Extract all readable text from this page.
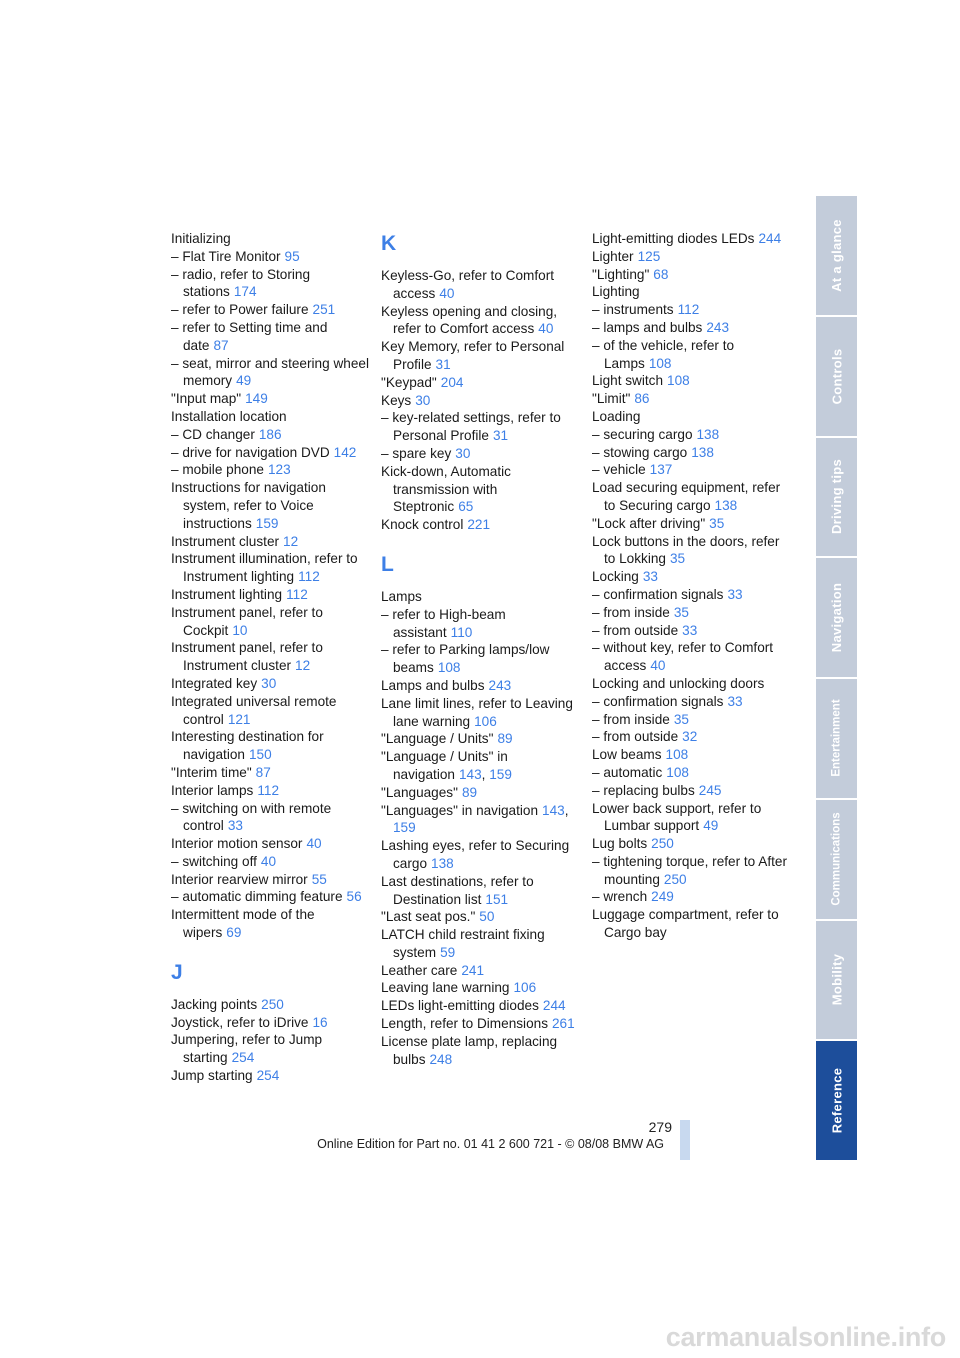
Initializing
– Flat Tire Monitor 95
– radio, refer to Storing stations 174
– refer to Power failure 251
– refer to Setting time and date 87
– seat, mirror and steering wheel memory 49
"Input map" 149
Installation location
– CD changer 186
– drive for navigation DVD 142
– mobile phone 123
Instructions for navigation system, refer to Voice instructions 159
Instrument cluster 12
Instrument illumination, refer to Instrument lighting 112
Instrument lighting 112
Instrument panel, refer to Cockpit 10
Instrument panel, refer to Instrument cluster 12
Integrated key 30
Integrated universal remote control 121
Interesting destination for navigation 150
"Interim time" 87
Interior lamps 112
– switching on with remote control 33
Interior motion sensor 40
– switching off 40
Interior rearview mirror 55
– automatic dimming feature 56
Intermittent mode of the wipers 69
J
Jacking points 250
Joystick, refer to iDrive 16
Jumpering, refer to Jump starting 254
Jump starting 254
K
Keyless-Go, refer to Comfort access 40
Keyless opening and closing, refer to Comfort access 40
Key Memory, refer to Personal Profile 31
"Keypad" 204
Keys 30
– key-related settings, refer to Personal Profile 31
– spare key 30
Kick-down, Automatic transmission with Steptronic 65
Knock control 221
L
Lamps
– refer to High-beam assistant 110
– refer to Parking lamps/low beams 108
Lamps and bulbs 243
Lane limit lines, refer to Leaving lane warning 106
"Language / Units" 89
"Language / Units" in navigation 143, 159
"Languages" 89
"Languages" in navigation 143, 159
Lashing eyes, refer to Securing cargo 138
Last destinations, refer to Destination list 151
"Last seat pos." 50
LATCH child restraint fixing system 59
Leather care 241
Leaving lane warning 106
LEDs light-emitting diodes 244
Length, refer to Dimensions 261
License plate lamp, replacing bulbs 248
Light-emitting diodes LEDs 244
Lighter 125
"Lighting" 68
Lighting
– instruments 112
– lamps and bulbs 243
– of the vehicle, refer to Lamps 108
Light switch 108
"Limit" 86
Loading
– securing cargo 138
– stowing cargo 138
– vehicle 137
Load securing equipment, refer to Securing cargo 138
"Lock after driving" 35
Lock buttons in the doors, refer to Lokking 35
Locking 33
– confirmation signals 33
– from inside 35
– from outside 33
– without key, refer to Comfort access 40
Locking and unlocking doors
– confirmation signals 33
– from inside 35
– from outside 32
Low beams 108
– automatic 108
– replacing bulbs 245
Lower back support, refer to Lumbar support 49
Lug bolts 250
– tightening torque, refer to After mounting 250
– wrench 249
Luggage compartment, refer to Cargo bay
At a glance
Controls
Driving tips
Navigation
Entertainment
Communications
Mobility
Reference
279
Online Edition for Part no. 01 41 2 600 721 - © 08/08 BMW AG
carmanualsonline.info
